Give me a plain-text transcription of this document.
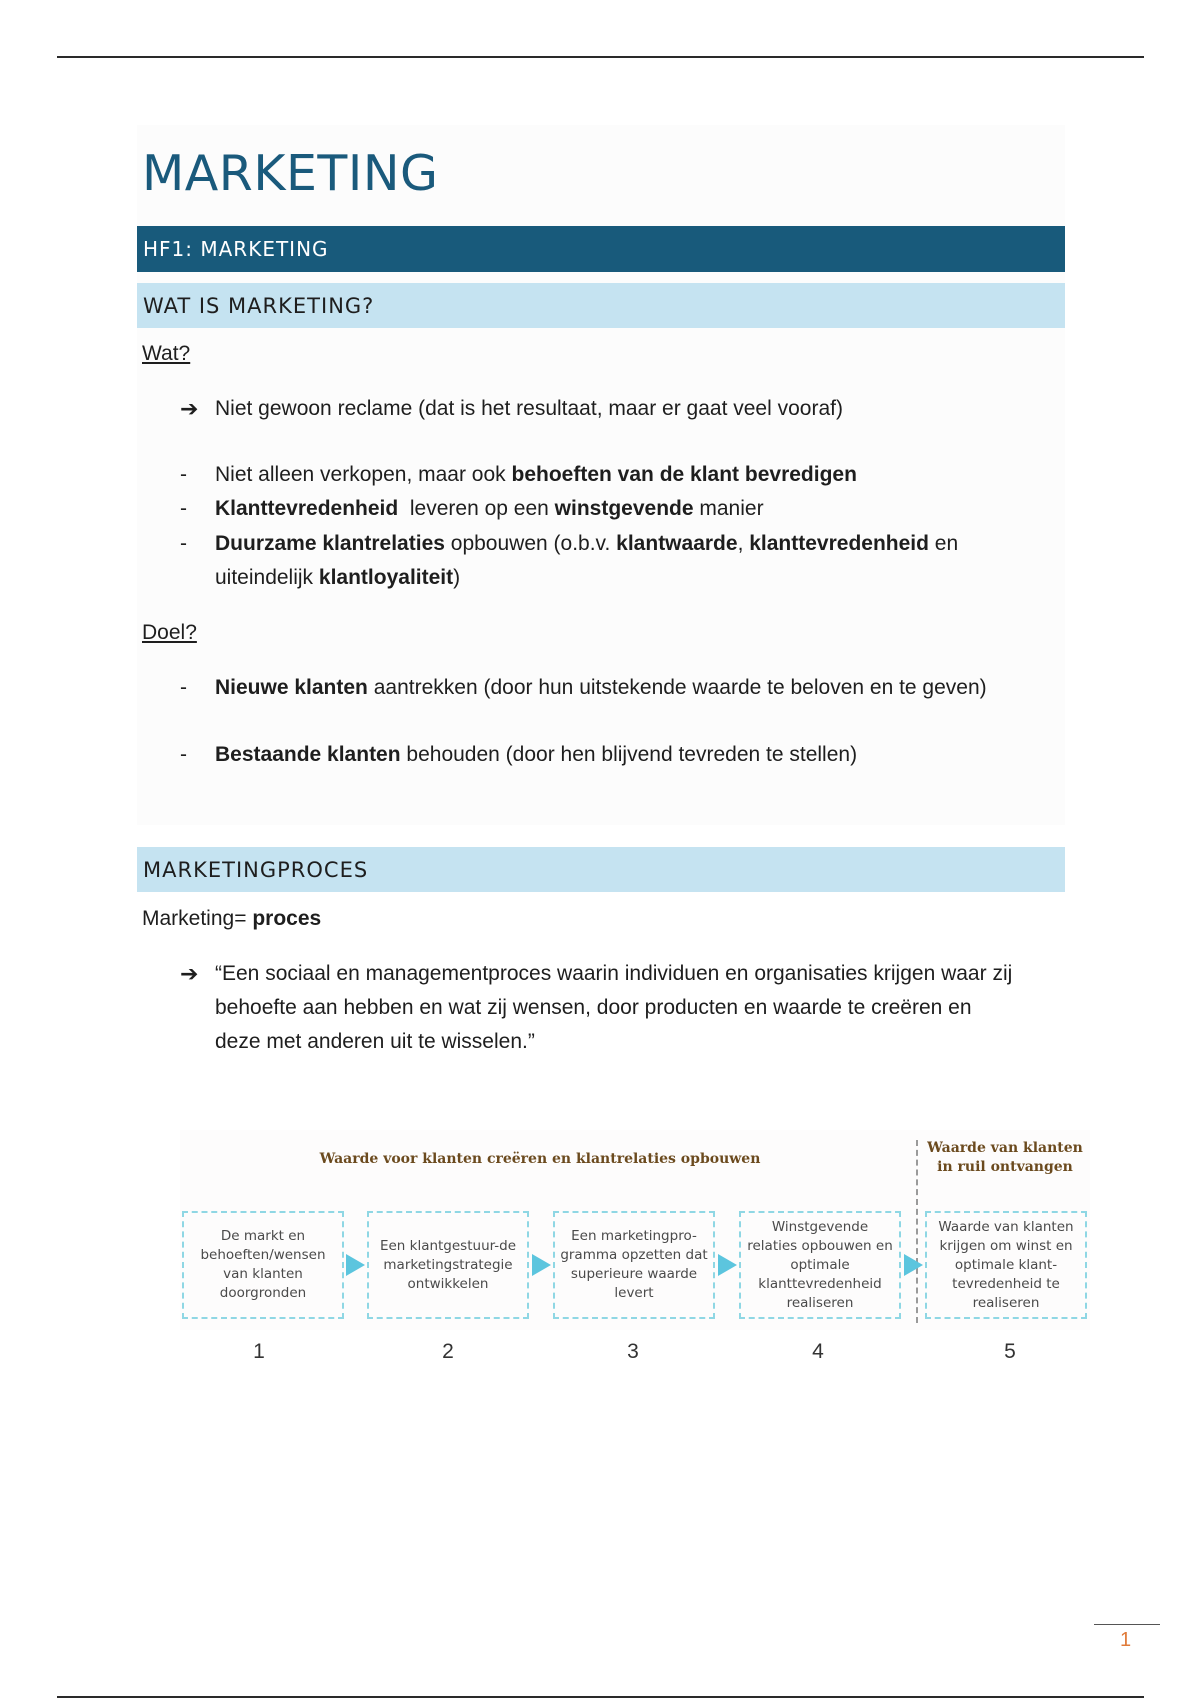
MARKETING
HF1: MARKETING
WAT IS MARKETING?
Wat?
➔ Niet gewoon reclame (dat is het resultaat, maar er gaat veel vooraf)
- Niet alleen verkopen, maar ook behoeften van de klant bevredigen
- Klanttevredenheid  leveren op een winstgevende manier
- Duurzame klantrelaties opbouwen (o.b.v. klantwaarde, klanttevredenheid en uiteindelijk klantloyaliteit)
Doel?
- Nieuwe klanten aantrekken (door hun uitstekende waarde te beloven en te geven)
- Bestaande klanten behouden (door hen blijvend tevreden te stellen)
MARKETINGPROCES
Marketing= proces
➔ “Een sociaal en managementproces waarin individuen en organisaties krijgen waar zij behoefte aan hebben en wat zij wensen, door producten en waarde te creëren en deze met anderen uit te wisselen.”
Waarde voor klanten creëren en klantrelaties opbouwen
Waarde van klanten in ruil ontvangen
De markt en behoeften/wensen van klanten doorgronden
Een klantgestuur-de marketingstrategie ontwikkelen
Een marketingpro-gramma opzetten dat superieure waarde levert
Winstgevende relaties opbouwen en optimale klanttevredenheid realiseren
Waarde van klanten krijgen om winst en optimale klant-tevredenheid te realiseren
1	2	3	4	5
1
